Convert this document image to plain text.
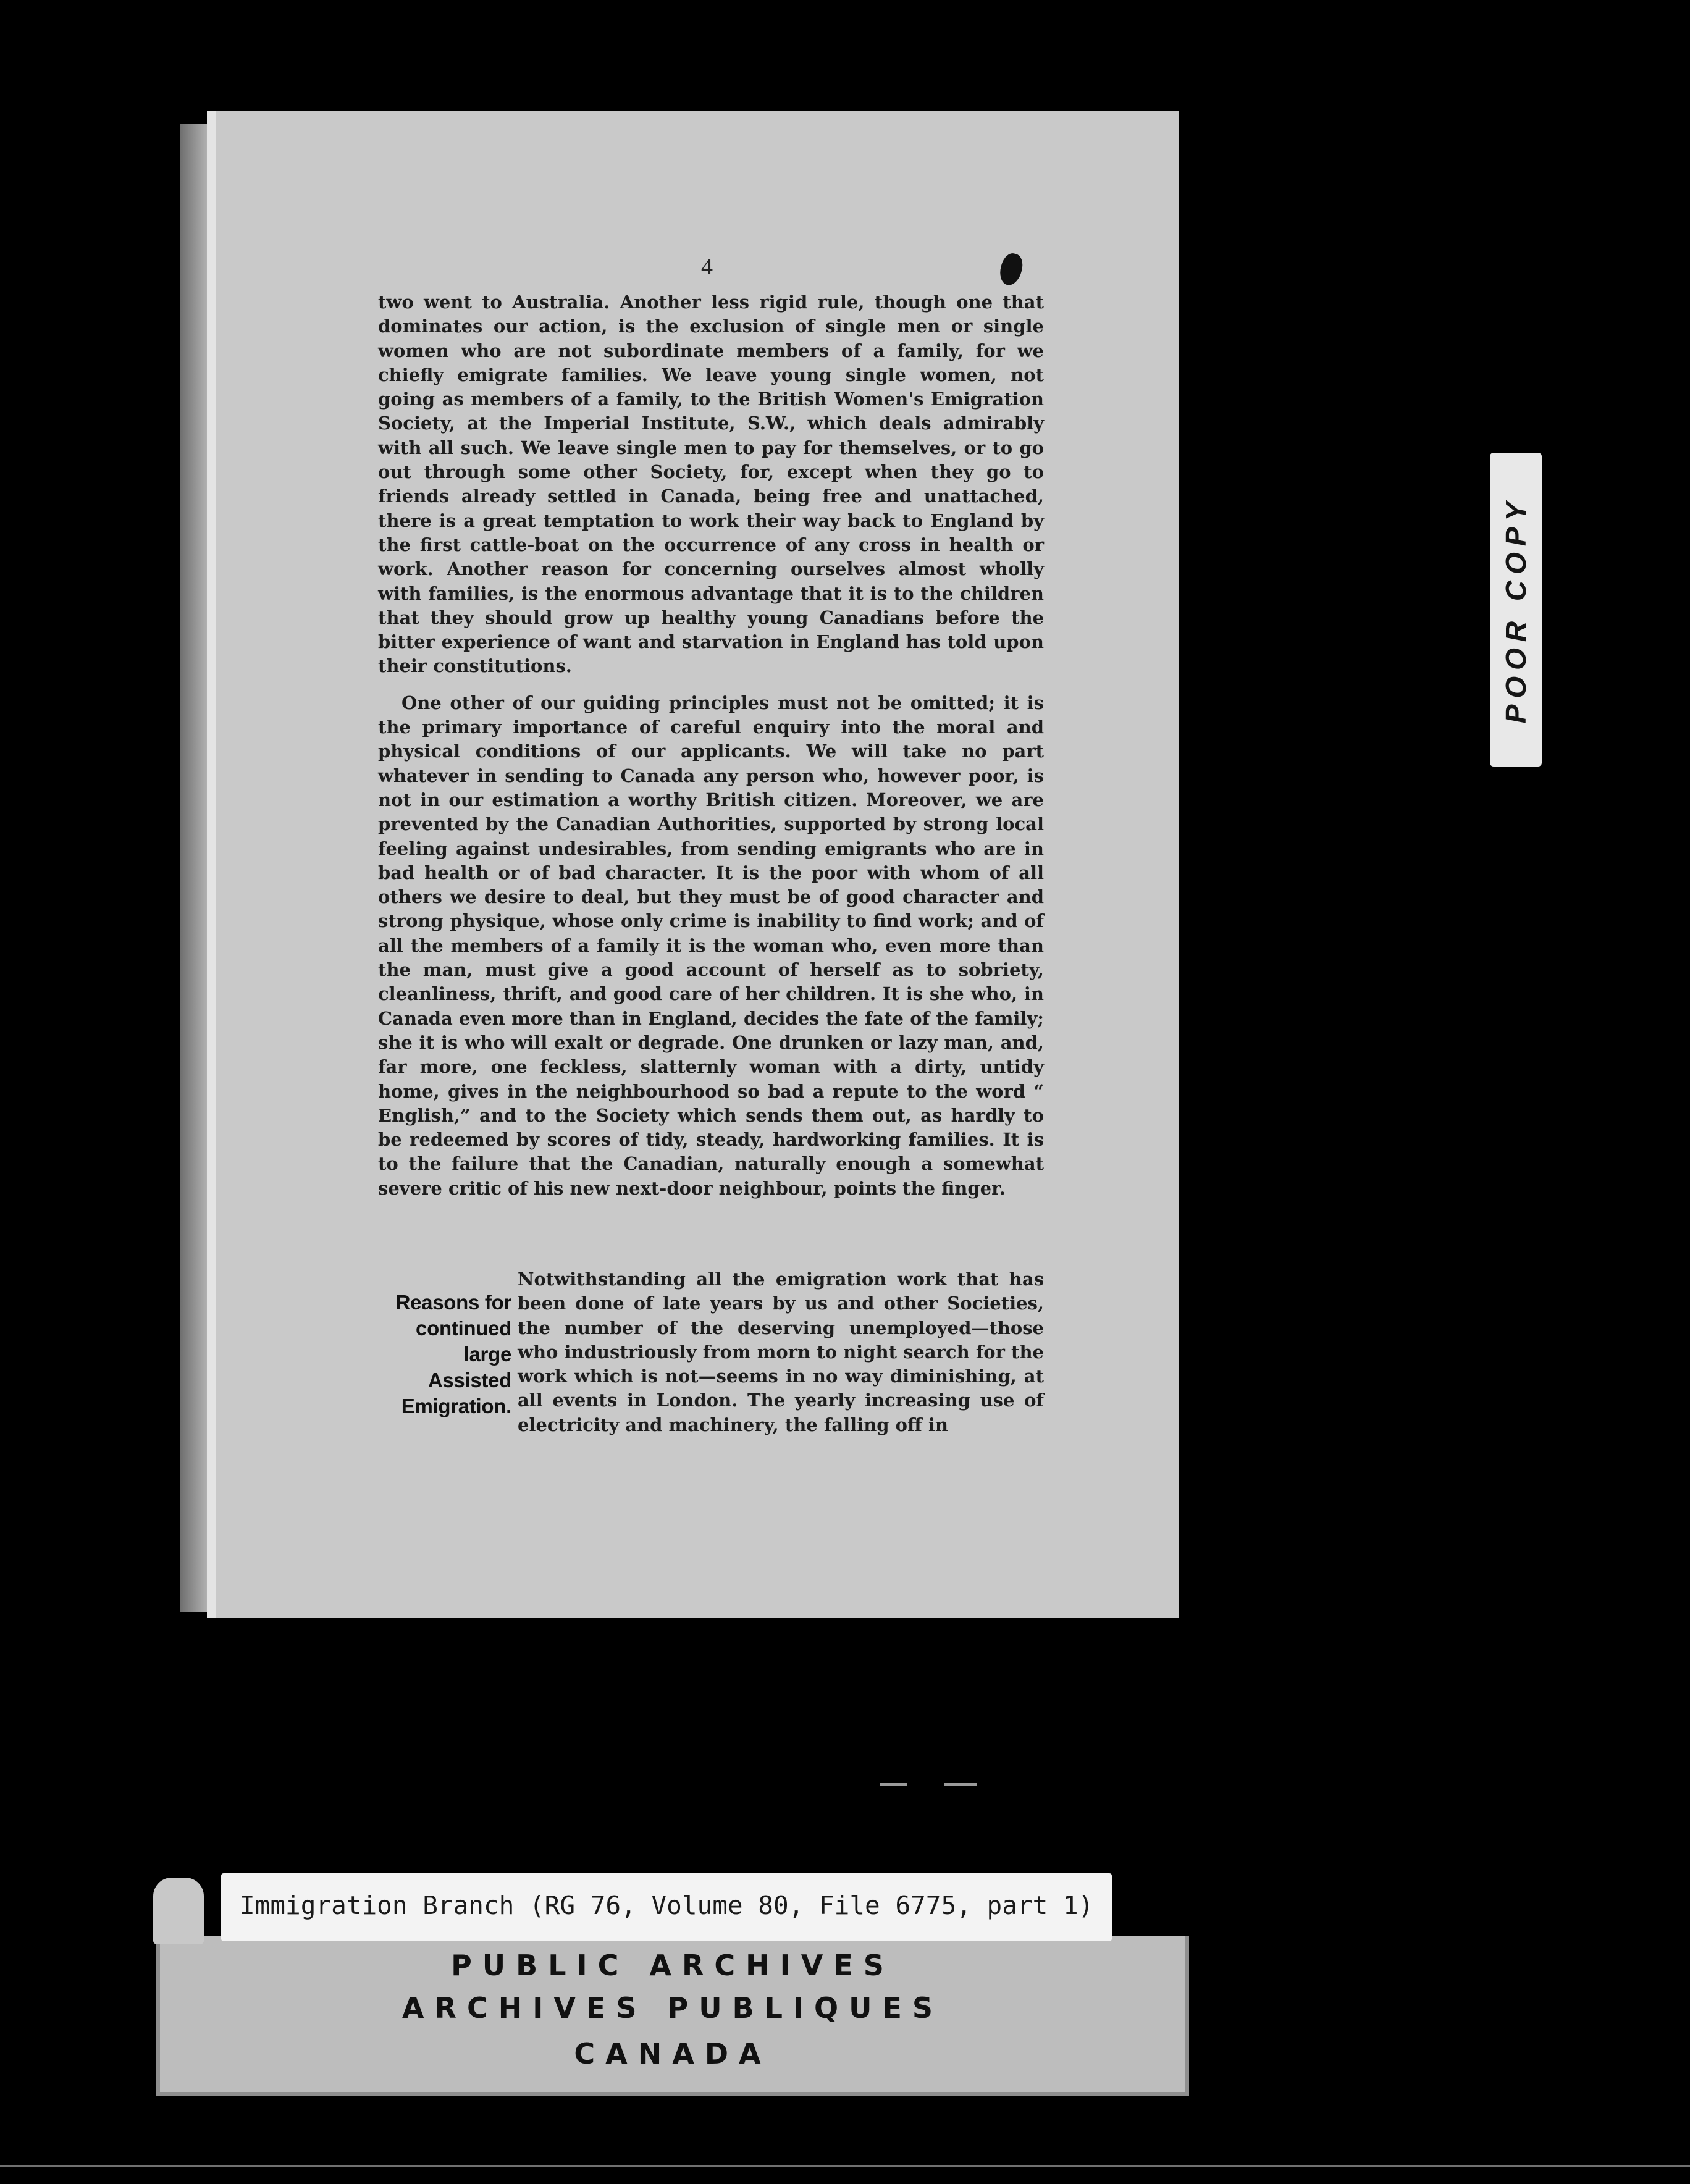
4

two went to Australia. Another less rigid rule, though one that dominates our action, is the exclusion of single men or single women who are not subordinate members of a family, for we chiefly emigrate families. We leave young single women, not going as members of a family, to the British Women's Emigration Society, at the Imperial Institute, S.W., which deals admirably with all such. We leave single men to pay for themselves, or to go out through some other Society, for, except when they go to friends already settled in Canada, being free and unattached, there is a great temptation to work their way back to England by the first cattle-boat on the occurrence of any cross in health or work. Another reason for concerning ourselves almost wholly with families, is the enormous advantage that it is to the children that they should grow up healthy young Canadians before the bitter experience of want and starvation in England has told upon their constitutions.

One other of our guiding principles must not be omitted; it is the primary importance of careful enquiry into the moral and physical conditions of our applicants. We will take no part whatever in sending to Canada any person who, however poor, is not in our estimation a worthy British citizen. Moreover, we are prevented by the Canadian Authorities, supported by strong local feeling against undesirables, from sending emigrants who are in bad health or of bad character. It is the poor with whom of all others we desire to deal, but they must be of good character and strong physique, whose only crime is inability to find work; and of all the members of a family it is the woman who, even more than the man, must give a good account of herself as to sobriety, cleanliness, thrift, and good care of her children. It is she who, in Canada even more than in England, decides the fate of the family; she it is who will exalt or degrade. One drunken or lazy man, and, far more, one feckless, slatternly woman with a dirty, untidy home, gives in the neighbourhood so bad a repute to the word “ English,” and to the Society which sends them out, as hardly to be redeemed by scores of tidy, steady, hardworking families. It is to the failure that the Canadian, naturally enough a somewhat severe critic of his new next-door neighbour, points the finger.

Reasons for
continued
large
Assisted
Emigration.

Notwithstanding all the emigration work that has been done of late years by us and other Societies, the number of the deserving unemployed—those who industriously from morn to night search for the work which is not—seems in no way diminishing, at all events in London. The yearly increasing use of electricity and machinery, the falling off in

POOR COPY
PUBLIC ARCHIVES
ARCHIVES PUBLIQUES
CANADA
Immigration Branch (RG 76, Volume 80, File 6775, part 1)
